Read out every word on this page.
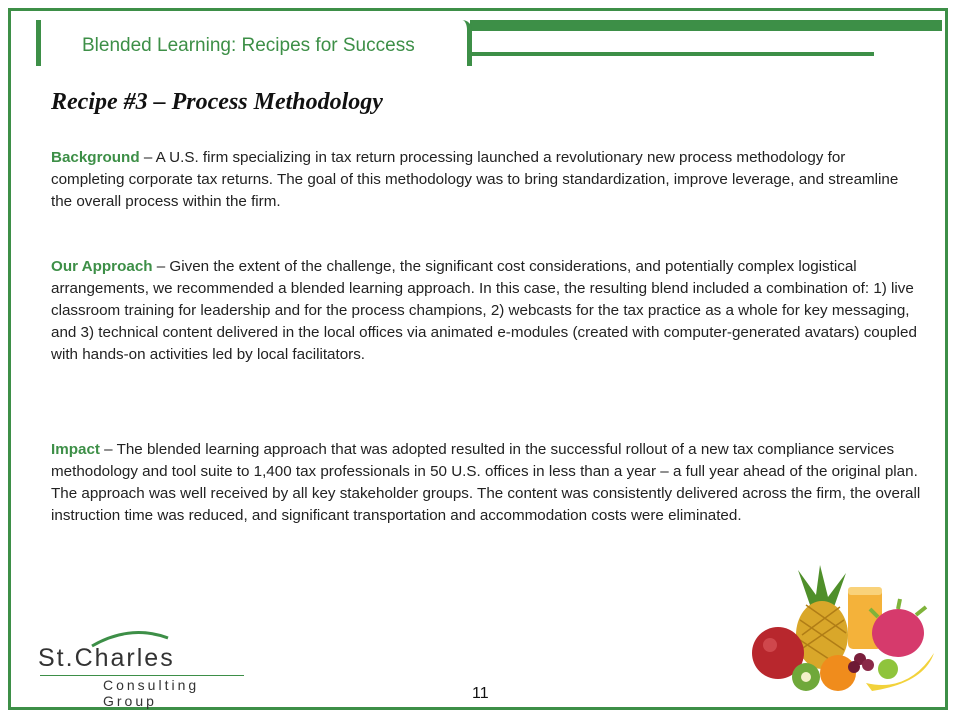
Blended Learning: Recipes for Success
Recipe #3 – Process Methodology
Background – A U.S. firm specializing in tax return processing launched a revolutionary new process methodology for completing corporate tax returns. The goal of this methodology was to bring standardization, improve leverage, and streamline the overall process within the firm.
Our Approach – Given the extent of the challenge, the significant cost considerations, and potentially complex logistical arrangements, we recommended a blended learning approach. In this case, the resulting blend included a combination of: 1) live classroom training for leadership and for the process champions, 2) webcasts for the tax practice as a whole for key messaging, and 3) technical content delivered in the local offices via animated e-modules (created with computer-generated avatars) coupled with hands-on activities led by local facilitators.
Impact – The blended learning approach that was adopted resulted in the successful rollout of a new tax compliance services methodology and tool suite to 1,400 tax professionals in 50 U.S. offices in less than a year – a full year ahead of the original plan. The approach was well received by all key stakeholder groups. The content was consistently delivered across the firm, the overall instruction time was reduced, and significant transportation and accommodation costs were eliminated.
St.Charles
Consulting Group	11
